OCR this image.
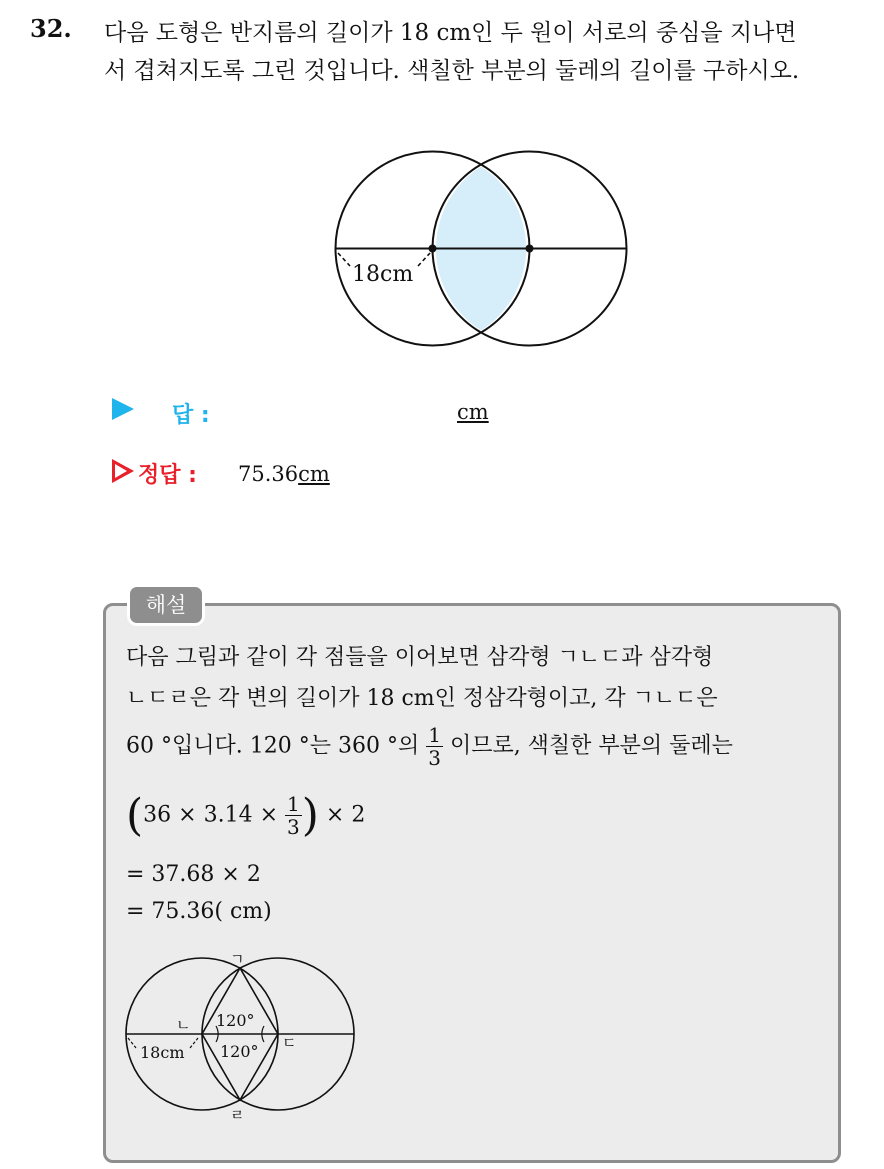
32. 다음 도형은 반지름의 길이가 18 cm인 두 원이 서로의 중심을 지나면
서 겹쳐지도록 그린 것입니다. 색칠한 부분의 둘레의 길이를 구하시오.
18cm
답 :	cm
정답 : 75.36cm
해설
다음 그림과 같이 각 점들을 이어보면 삼각형 ㄱㄴㄷ과 삼각형
ㄴㄷㄹ은 각 변의 길이가 18 cm인 정삼각형이고, 각 ㄱㄴㄷ은
60 °입니다. 120 °는 360 °의 $\frac{1}{3}$ 이므로, 색칠한 부분의 둘레는
($36 \times 3.14 \times \frac{1}{3}$ ) × 2
= 37.68 × 2
= 75.36( cm)
ㄱ
ㄴ
ㄷ
ㄹ
120°
120°
18cm
